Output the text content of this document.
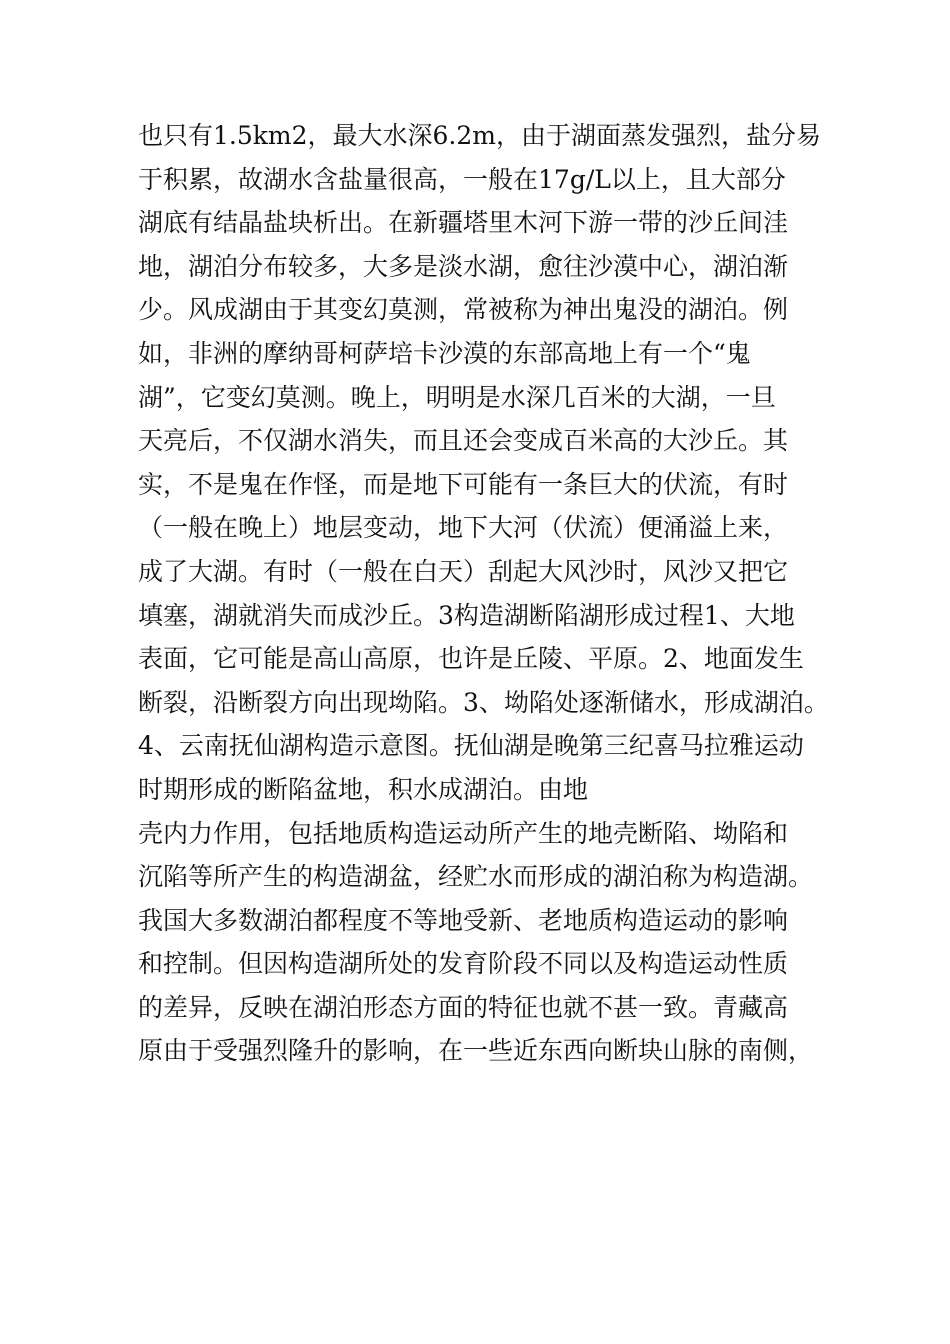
也只有1.5km2，最大水深6.2m，由于湖面蒸发强烈，盐分易
于积累，故湖水含盐量很高，一般在17g/L以上，且大部分
湖底有结晶盐块析出。在新疆塔里木河下游一带的沙丘间洼
地，湖泊分布较多，大多是淡水湖，愈往沙漠中心，湖泊渐
少。风成湖由于其变幻莫测，常被称为神出鬼没的湖泊。例
如，非洲的摩纳哥柯萨培卡沙漠的东部高地上有一个“鬼
湖”，它变幻莫测。晚上，明明是水深几百米的大湖，一旦
天亮后，不仅湖水消失，而且还会变成百米高的大沙丘。其
实，不是鬼在作怪，而是地下可能有一条巨大的伏流，有时
（一般在晚上）地层变动，地下大河（伏流）便涌溢上来，
成了大湖。有时（一般在白天）刮起大风沙时，风沙又把它
填塞，湖就消失而成沙丘。3构造湖断陷湖形成过程1、大地
表面，它可能是高山高原，也许是丘陵、平原。2、地面发生
断裂，沿断裂方向出现坳陷。3、坳陷处逐渐储水，形成湖泊。
4、云南抚仙湖构造示意图。抚仙湖是晚第三纪喜马拉雅运动
时期形成的断陷盆地，积水成湖泊。由地
壳内力作用，包括地质构造运动所产生的地壳断陷、坳陷和
沉陷等所产生的构造湖盆，经贮水而形成的湖泊称为构造湖。
我国大多数湖泊都程度不等地受新、老地质构造运动的影响
和控制。但因构造湖所处的发育阶段不同以及构造运动性质
的差异，反映在湖泊形态方面的特征也就不甚一致。青藏高
原由于受强烈隆升的影响，在一些近东西向断块山脉的南侧，
